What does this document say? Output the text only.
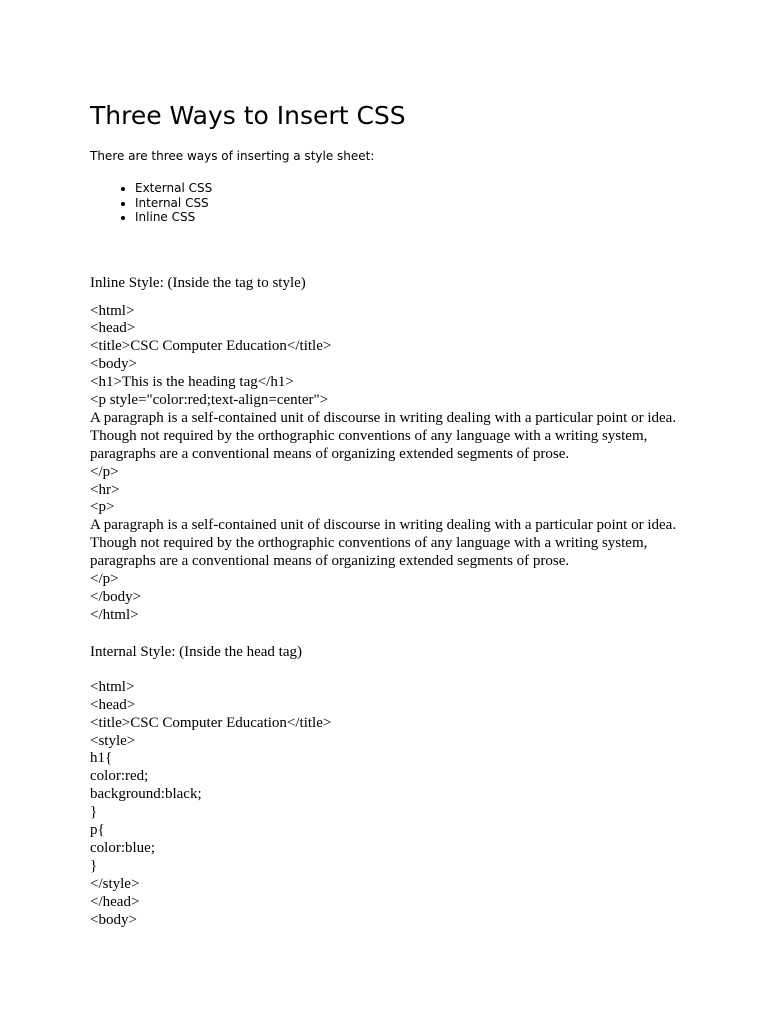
Three Ways to Insert CSS

There are three ways of inserting a style sheet:

• External CSS
• Internal CSS
• Inline CSS

Inline Style: (Inside the tag to style)

<html>
<head>
<title>CSC Computer Education</title>
<body>
<h1>This is the heading tag</h1>
<p style="color:red;text-align=center">
A paragraph is a self-contained unit of discourse in writing dealing with a particular point or idea. Though not required by the orthographic conventions of any language with a writing system, paragraphs are a conventional means of organizing extended segments of prose.
</p>
<hr>
<p>
A paragraph is a self-contained unit of discourse in writing dealing with a particular point or idea. Though not required by the orthographic conventions of any language with a writing system, paragraphs are a conventional means of organizing extended segments of prose.
</p>
</body>
</html>

Internal Style: (Inside the head tag)

<html>
<head>
<title>CSC Computer Education</title>
<style>
h1{
color:red;
background:black;
}
p{
color:blue;
}
</style>
</head>
<body>
